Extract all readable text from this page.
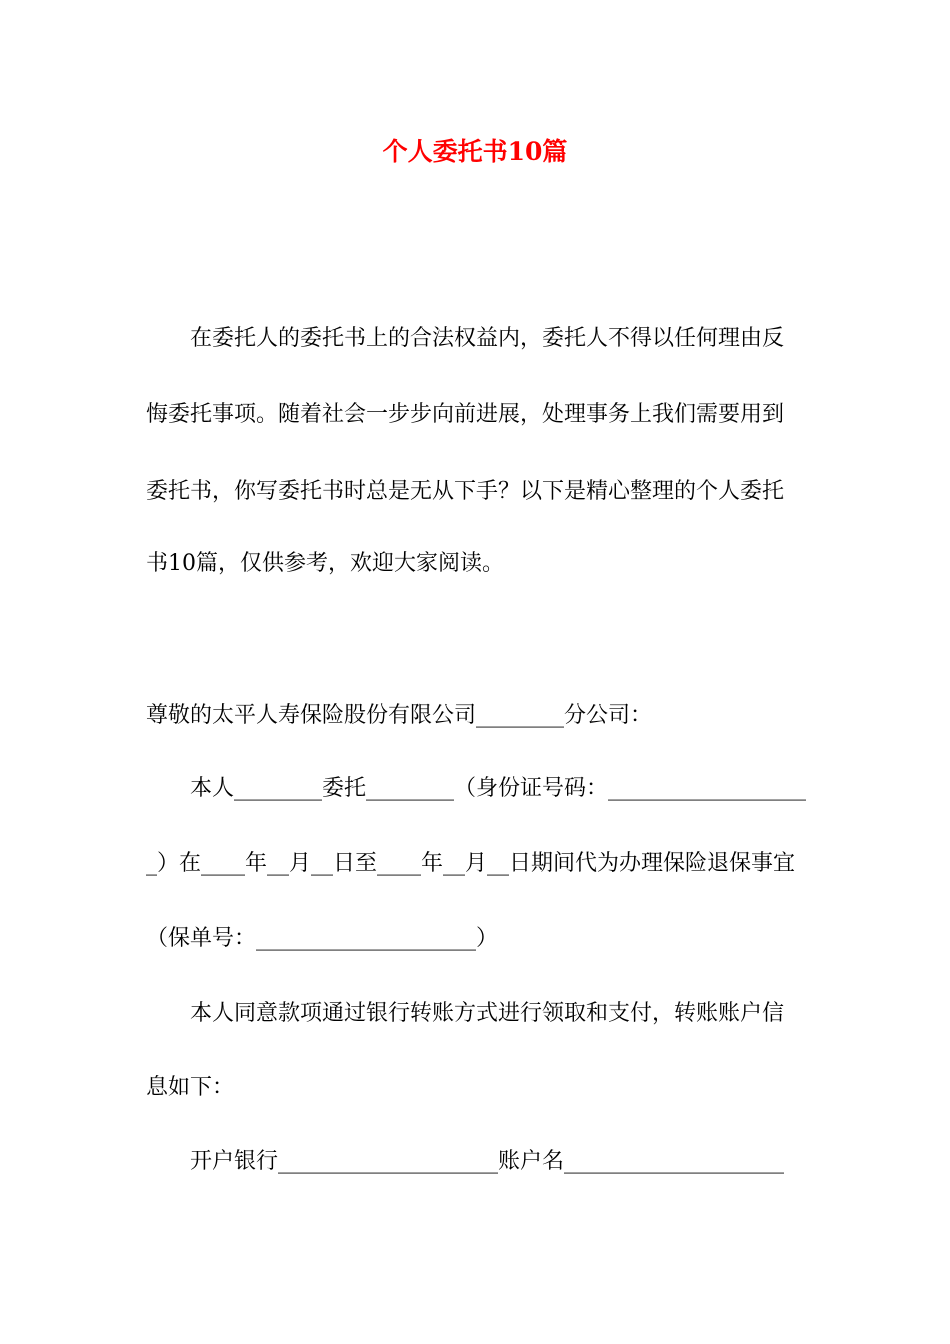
个人委托书10篇

在委托人的委托书上的合法权益内，委托人不得以任何理由反

悔委托事项。随着社会一步步向前进展，处理事务上我们需要用到

委托书，你写委托书时总是无从下手？以下是精心整理的个人委托

书10篇，仅供参考，欢迎大家阅读。

尊敬的太平人寿保险股份有限公司________分公司：

本人________委托________（身份证号码：__________________

_）在____年__月__日至____年__月__日期间代为办理保险退保事宜

（保单号：____________________）

本人同意款项通过银行转账方式进行领取和支付，转账账户信

息如下：

开户银行____________________账户名____________________
